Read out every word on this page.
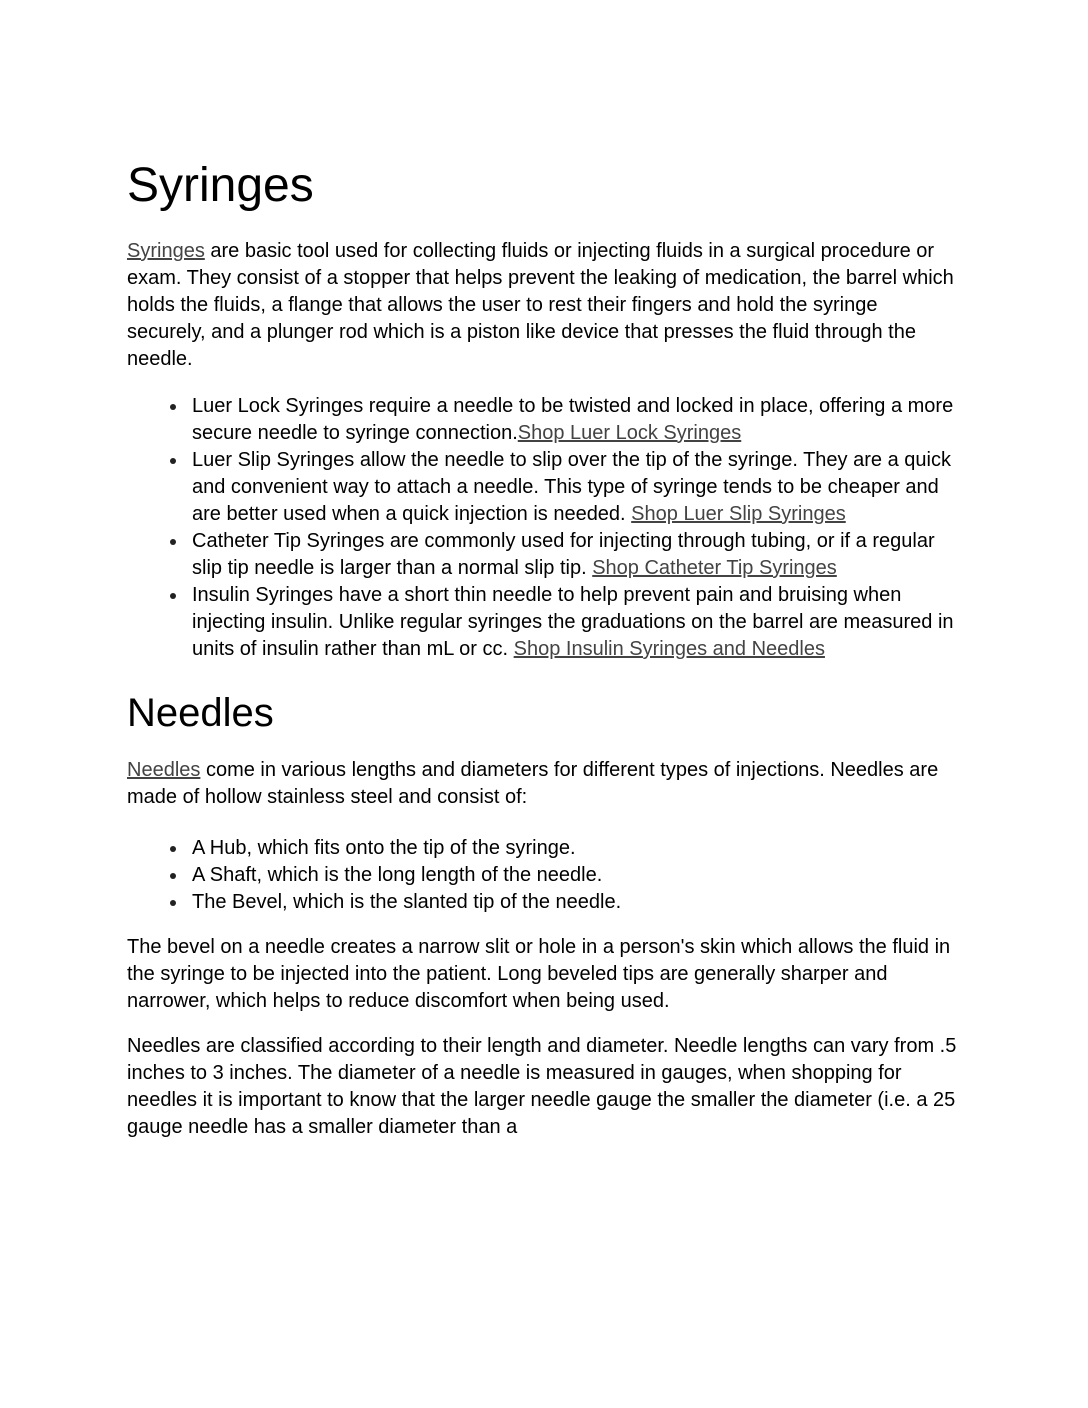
Syringes

Syringes are basic tool used for collecting fluids or injecting fluids in a surgical procedure or exam. They consist of a stopper that helps prevent the leaking of medication, the barrel which holds the fluids, a flange that allows the user to rest their fingers and hold the syringe securely, and a plunger rod which is a piston like device that presses the fluid through the needle.

Luer Lock Syringes require a needle to be twisted and locked in place, offering a more secure needle to syringe connection.Shop Luer Lock Syringes
Luer Slip Syringes allow the needle to slip over the tip of the syringe. They are a quick and convenient way to attach a needle. This type of syringe tends to be cheaper and are better used when a quick injection is needed. Shop Luer Slip Syringes
Catheter Tip Syringes are commonly used for injecting through tubing, or if a regular slip tip needle is larger than a normal slip tip. Shop Catheter Tip Syringes
Insulin Syringes have a short thin needle to help prevent pain and bruising when injecting insulin. Unlike regular syringes the graduations on the barrel are measured in units of insulin rather than mL or cc. Shop Insulin Syringes and Needles
Needles

Needles come in various lengths and diameters for different types of injections. Needles are made of hollow stainless steel and consist of:

A Hub, which fits onto the tip of the syringe.
A Shaft, which is the long length of the needle.
The Bevel, which is the slanted tip of the needle.

The bevel on a needle creates a narrow slit or hole in a person's skin which allows the fluid in the syringe to be injected into the patient. Long beveled tips are generally sharper and narrower, which helps to reduce discomfort when being used.

Needles are classified according to their length and diameter. Needle lengths can vary from .5 inches to 3 inches. The diameter of a needle is measured in gauges, when shopping for needles it is important to know that the larger needle gauge the smaller the diameter (i.e. a 25 gauge needle has a smaller diameter than a
